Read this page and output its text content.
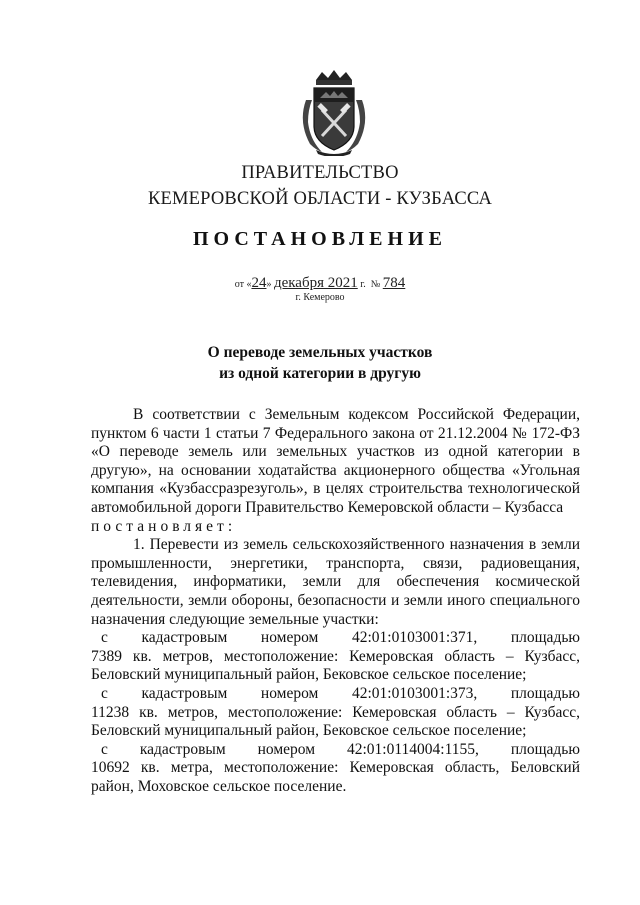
ПРАВИТЕЛЬСТВО
КЕМЕРОВСКОЙ ОБЛАСТИ - КУЗБАССА
ПОСТАНОВЛЕНИЕ
от «24» декабря 2021 г. № 784
г. Кемерово
О переводе земельных участков
из одной категории в другую

В соответствии с Земельным кодексом Российской Федерации, пунктом 6 части 1 статьи 7 Федерального закона от 21.12.2004 № 172-ФЗ «О переводе земель или земельных участков из одной категории в другую», на основании ходатайства акционерного общества «Угольная компания «Кузбассразрезуголь», в целях строительства технологической автомобильной дороги Правительство Кемеровской области – Кузбасса

постановляет:

1. Перевести из земель сельскохозяйственного назначения в земли промышленности, энергетики, транспорта, связи, радиовещания, телевидения, информатики, земли для обеспечения космической деятельности, земли обороны, безопасности и земли иного специального назначения следующие земельные участки:

с кадастровым номером 42:01:0103001:371, площадью

7389 кв. метров, местоположение: Кемеровская область – Кузбасс, Беловский муниципальный район, Бековское сельское поселение;

с кадастровым номером 42:01:0103001:373, площадью

11238 кв. метров, местоположение: Кемеровская область – Кузбасс, Беловский муниципальный район, Бековское сельское поселение;

с кадастровым номером 42:01:0114004:1155, площадью

10692 кв. метра, местоположение: Кемеровская область, Беловский район, Моховское сельское поселение.
